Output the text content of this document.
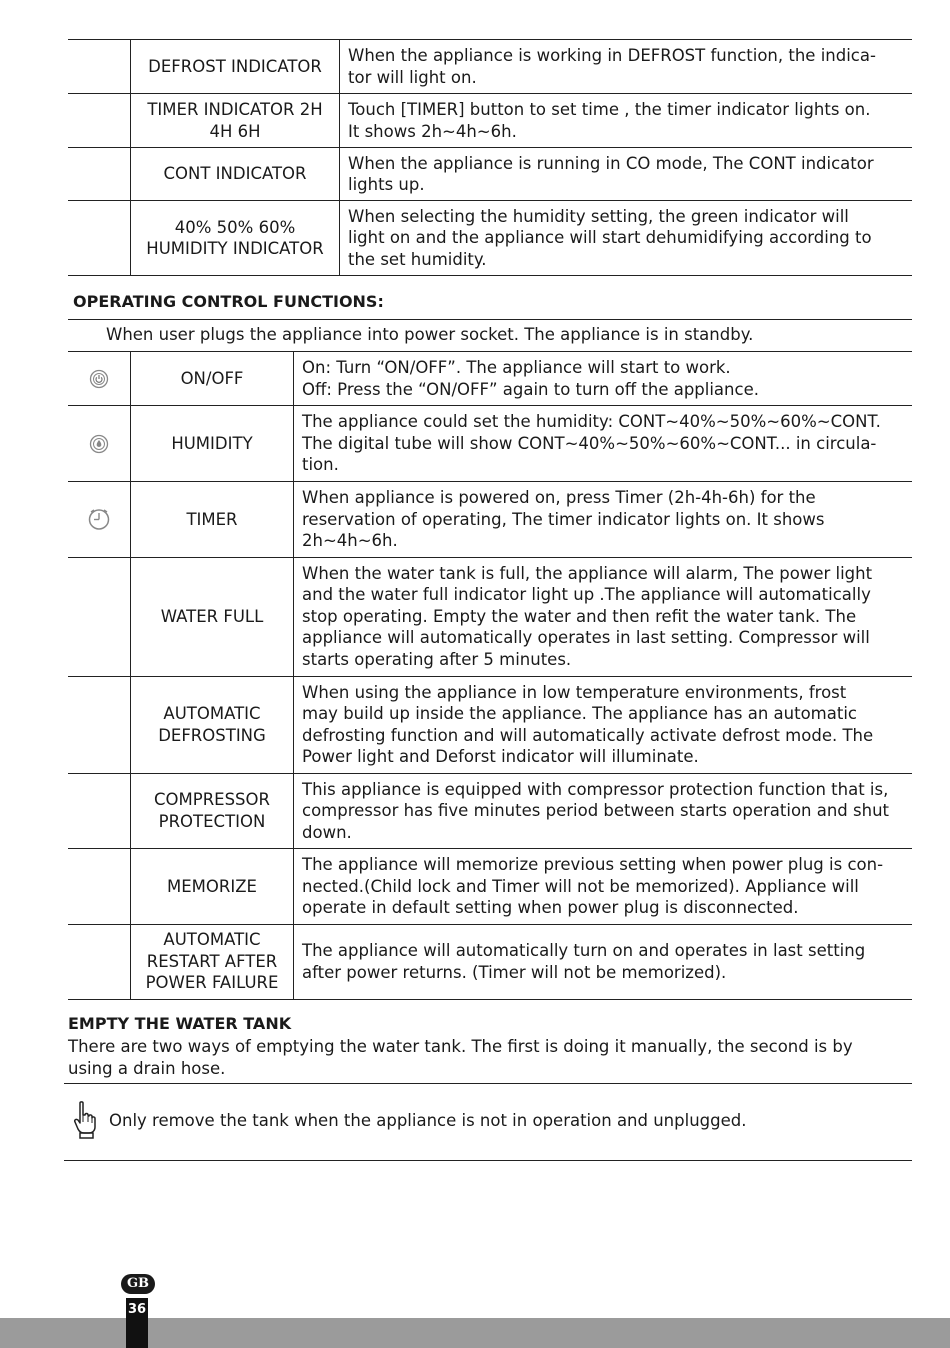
	DEFROST INDICATOR	When the appliance is working in DEFROST function, the indica-
tor will light on.
	TIMER INDICATOR 2H
4H 6H	Touch [TIMER] button to set time , the timer indicator lights on.
It shows 2h~4h~6h.
	CONT INDICATOR	When the appliance is running in CO mode, The CONT indicator
lights up.
	40% 50% 60%
HUMIDITY INDICATOR	When selecting the humidity setting, the green indicator will
light on and the appliance will start dehumidifying according to
the set humidity.
OPERATING CONTROL FUNCTIONS:
When user plugs the appliance into power socket. The appliance is in standby.
	ON/OFF	On: Turn “ON/OFF”. The appliance will start to work.
Off: Press the “ON/OFF” again to turn off the appliance.
	HUMIDITY	The appliance could set the humidity: CONT~40%~50%~60%~CONT.
The digital tube will show CONT~40%~50%~60%~CONT... in circula-
tion.
	TIMER	When appliance is powered on, press Timer (2h-4h-6h) for the
reservation of operating, The timer indicator lights on. It shows
2h~4h~6h.
	WATER FULL	When the water tank is full, the appliance will alarm, The power light
and the water full indicator light up .The appliance will automatically
stop operating. Empty the water and then refit the water tank. The
appliance will automatically operates in last setting. Compressor will
starts operating after 5 minutes.
	AUTOMATIC
DEFROSTING	When using the appliance in low temperature environments, frost
may build up inside the appliance. The appliance has an automatic
defrosting function and will automatically activate defrost mode. The
Power light and Deforst indicator will illuminate.
	COMPRESSOR
PROTECTION	This appliance is equipped with compressor protection function that is,
compressor has five minutes period between starts operation and shut
down.
	MEMORIZE	The appliance will memorize previous setting when power plug is con-
nected.(Child lock and Timer will not be memorized). Appliance will
operate in default setting when power plug is disconnected.
	AUTOMATIC
RESTART AFTER
POWER FAILURE	The appliance will automatically turn on and operates in last setting
after power returns. (Timer will not be memorized).
EMPTY THE WATER TANK
There are two ways of emptying the water tank. The first is doing it manually, the second is by
using a drain hose.
Only remove the tank when the appliance is not in operation and unplugged.
GB
36
